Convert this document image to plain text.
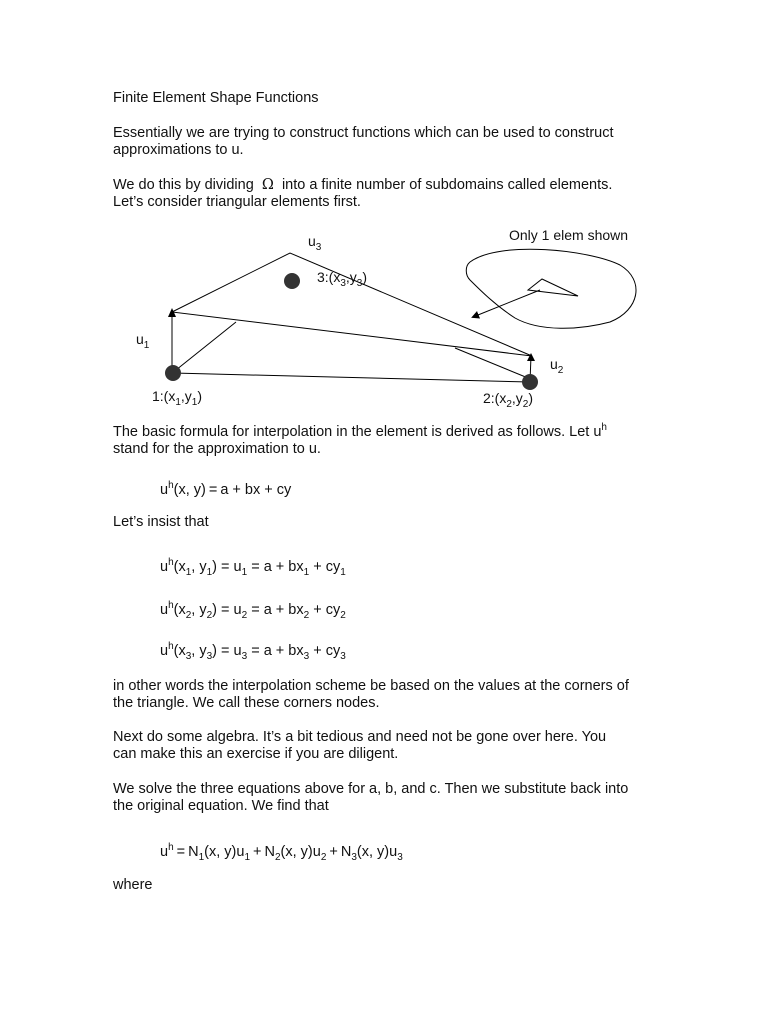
Finite Element Shape Functions
Essentially we are trying to construct functions which can be used to construct
approximations to u.
We do this by dividing Ω into a finite number of subdomains called elements.
Let’s consider triangular elements first.
Only 1 elem shown
$u_3$
$u_1$
$u_2$
$3:(x_3,y_3)$
$1:(x_1,y_1)$	$2:(x_2,y_2)$
The basic formula for interpolation in the element is derived as follows. Let $u^h$
stand for the approximation to u.
$u^h(x$, y) = a + bx + cy
Let’s insist that
$u^h(x_1$, $y_1) = u_1 = a + bx_1 + cy_1$
$u^h(x_2$, $y_2) = u_2 = a + bx_2 + cy_2$
$u^h(x_3$, $y_3) = u_3 = a + bx_3 + cy_3$
in other words the interpolation scheme be based on the values at the corners of
the triangle. We call these corners nodes.
Next do some algebra. It’s a bit tedious and need not be gone over here. You
can make this an exercise if you are diligent.
We solve the three equations above for a, b, and c. Then we substitute back into
the original equation. We find that
$u^h = N_1(x$, $y)u_1 + N_2(x$, $y)u_2 + N_3(x$, $y)u_3$
where
